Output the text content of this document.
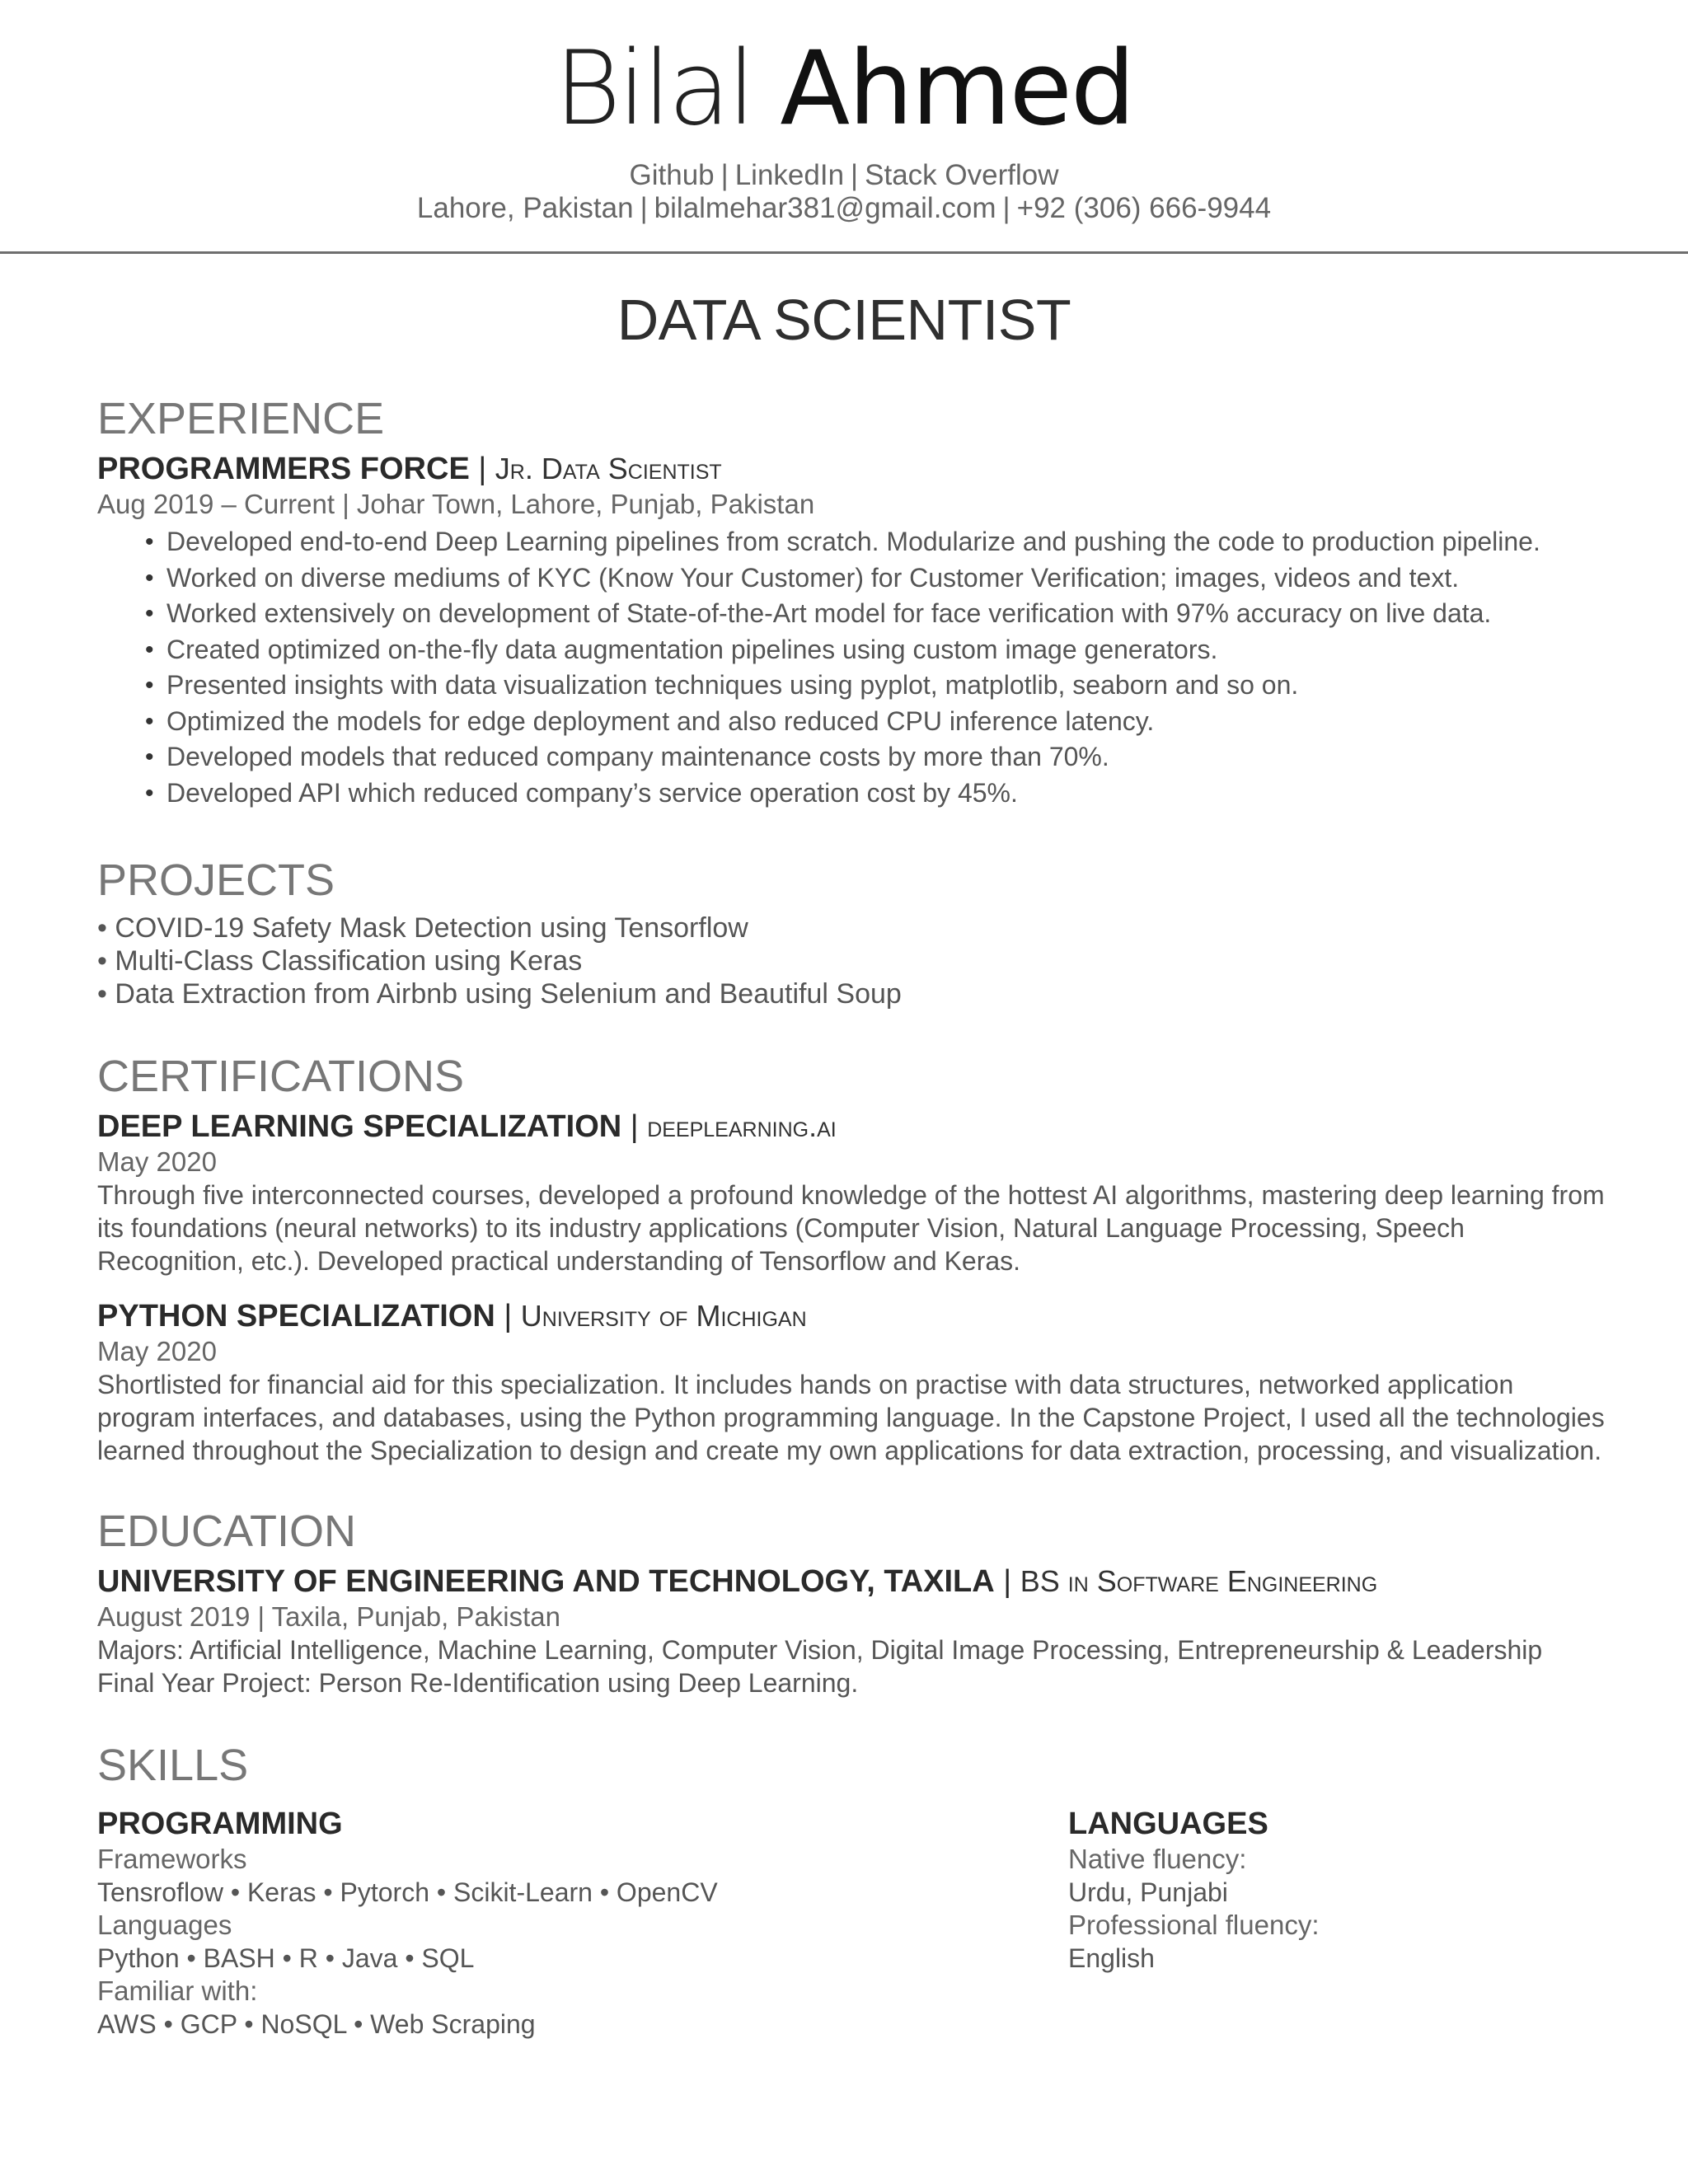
Bilal Ahmed
Github | LinkedIn | Stack Overflow
Lahore, Pakistan | bilalmehar381@gmail.com | +92 (306) 666-9944
DATA SCIENTIST
EXPERIENCE
PROGRAMMERS FORCE | Jr. Data Scientist
Aug 2019 – Current | Johar Town, Lahore, Punjab, Pakistan
• Developed end-to-end Deep Learning pipelines from scratch. Modularize and pushing the code to production pipeline.
• Worked on diverse mediums of KYC (Know Your Customer) for Customer Verification; images, videos and text.
• Worked extensively on development of State-of-the-Art model for face verification with 97% accuracy on live data.
• Created optimized on-the-fly data augmentation pipelines using custom image generators.
• Presented insights with data visualization techniques using pyplot, matplotlib, seaborn and so on.
• Optimized the models for edge deployment and also reduced CPU inference latency.
• Developed models that reduced company maintenance costs by more than 70%.
• Developed API which reduced company’s service operation cost by 45%.
PROJECTS
• COVID-19 Safety Mask Detection using Tensorflow
• Multi-Class Classification using Keras
• Data Extraction from Airbnb using Selenium and Beautiful Soup
CERTIFICATIONS
DEEP LEARNING SPECIALIZATION | deeplearning.ai
May 2020
Through five interconnected courses, developed a profound knowledge of the hottest AI algorithms, mastering deep learning from its foundations (neural networks) to its industry applications (Computer Vision, Natural Language Processing, Speech Recognition, etc.). Developed practical understanding of Tensorflow and Keras.
PYTHON SPECIALIZATION | University of Michigan
May 2020
Shortlisted for financial aid for this specialization. It includes hands on practise with data structures, networked application program interfaces, and databases, using the Python programming language. In the Capstone Project, I used all the technologies learned throughout the Specialization to design and create my own applications for data extraction, processing, and visualization.
EDUCATION
UNIVERSITY OF ENGINEERING AND TECHNOLOGY, TAXILA | BS in Software Engineering
August 2019 | Taxila, Punjab, Pakistan
Majors: Artificial Intelligence, Machine Learning, Computer Vision, Digital Image Processing, Entrepreneurship & Leadership
Final Year Project: Person Re-Identification using Deep Learning.
SKILLS
PROGRAMMING
Frameworks
Tensroflow • Keras • Pytorch • Scikit-Learn • OpenCV
Languages
Python • BASH • R • Java • SQL
Familiar with:
AWS • GCP • NoSQL • Web Scraping
LANGUAGES
Native fluency:
Urdu, Punjabi
Professional fluency:
English
